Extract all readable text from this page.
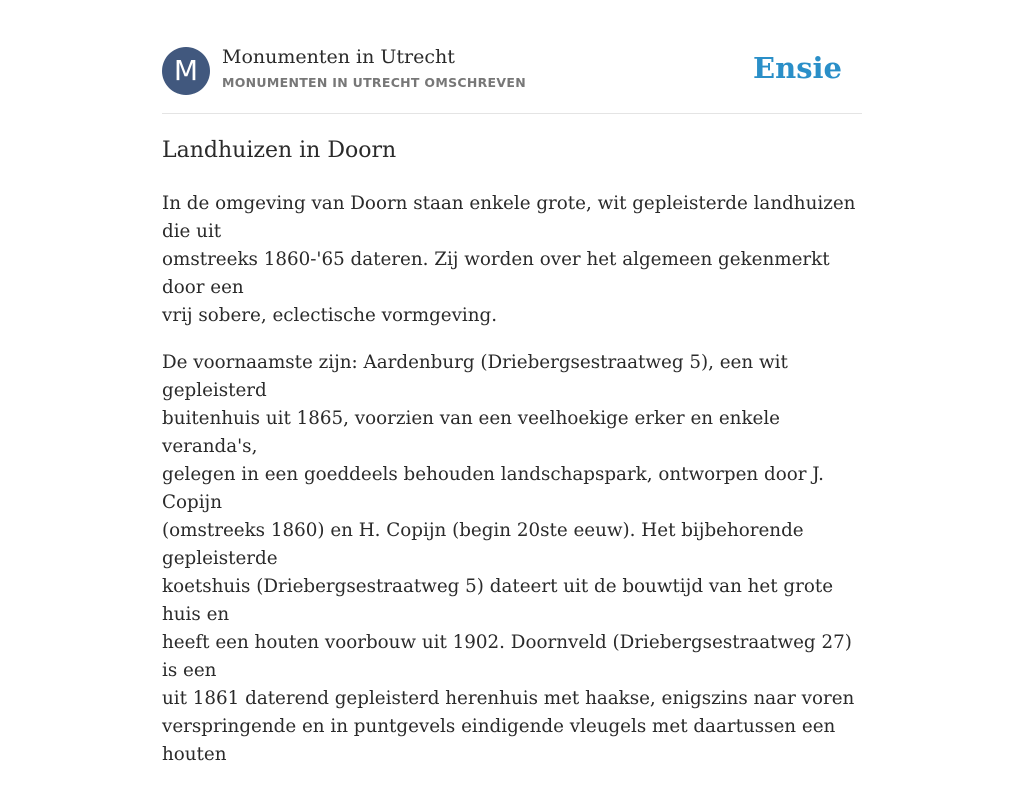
M	Monumenten in Utrecht
MONUMENTEN IN UTRECHT OMSCHREVEN	Ensie
Landhuizen in Doorn

In de omgeving van Doorn staan enkele grote, wit gepleisterde landhuizen die uit
omstreeks 1860-'65 dateren. Zij worden over het algemeen gekenmerkt door een
vrij sobere, eclectische vormgeving.

De voornaamste zijn: Aardenburg (Driebergsestraatweg 5), een wit gepleisterd
buitenhuis uit 1865, voorzien van een veelhoekige erker en enkele veranda's,
gelegen in een goeddeels behouden landschapspark, ontworpen door J. Copijn
(omstreeks 1860) en H. Copijn (begin 20ste eeuw). Het bijbehorende gepleisterde
koetshuis (Driebergsestraatweg 5) dateert uit de bouwtijd van het grote huis en
heeft een houten voorbouw uit 1902. Doornveld (Driebergsestraatweg 27) is een
uit 1861 daterend gepleisterd herenhuis met haakse, enigszins naar voren
verspringende en in puntgevels eindigende vleugels met daartussen een houten
